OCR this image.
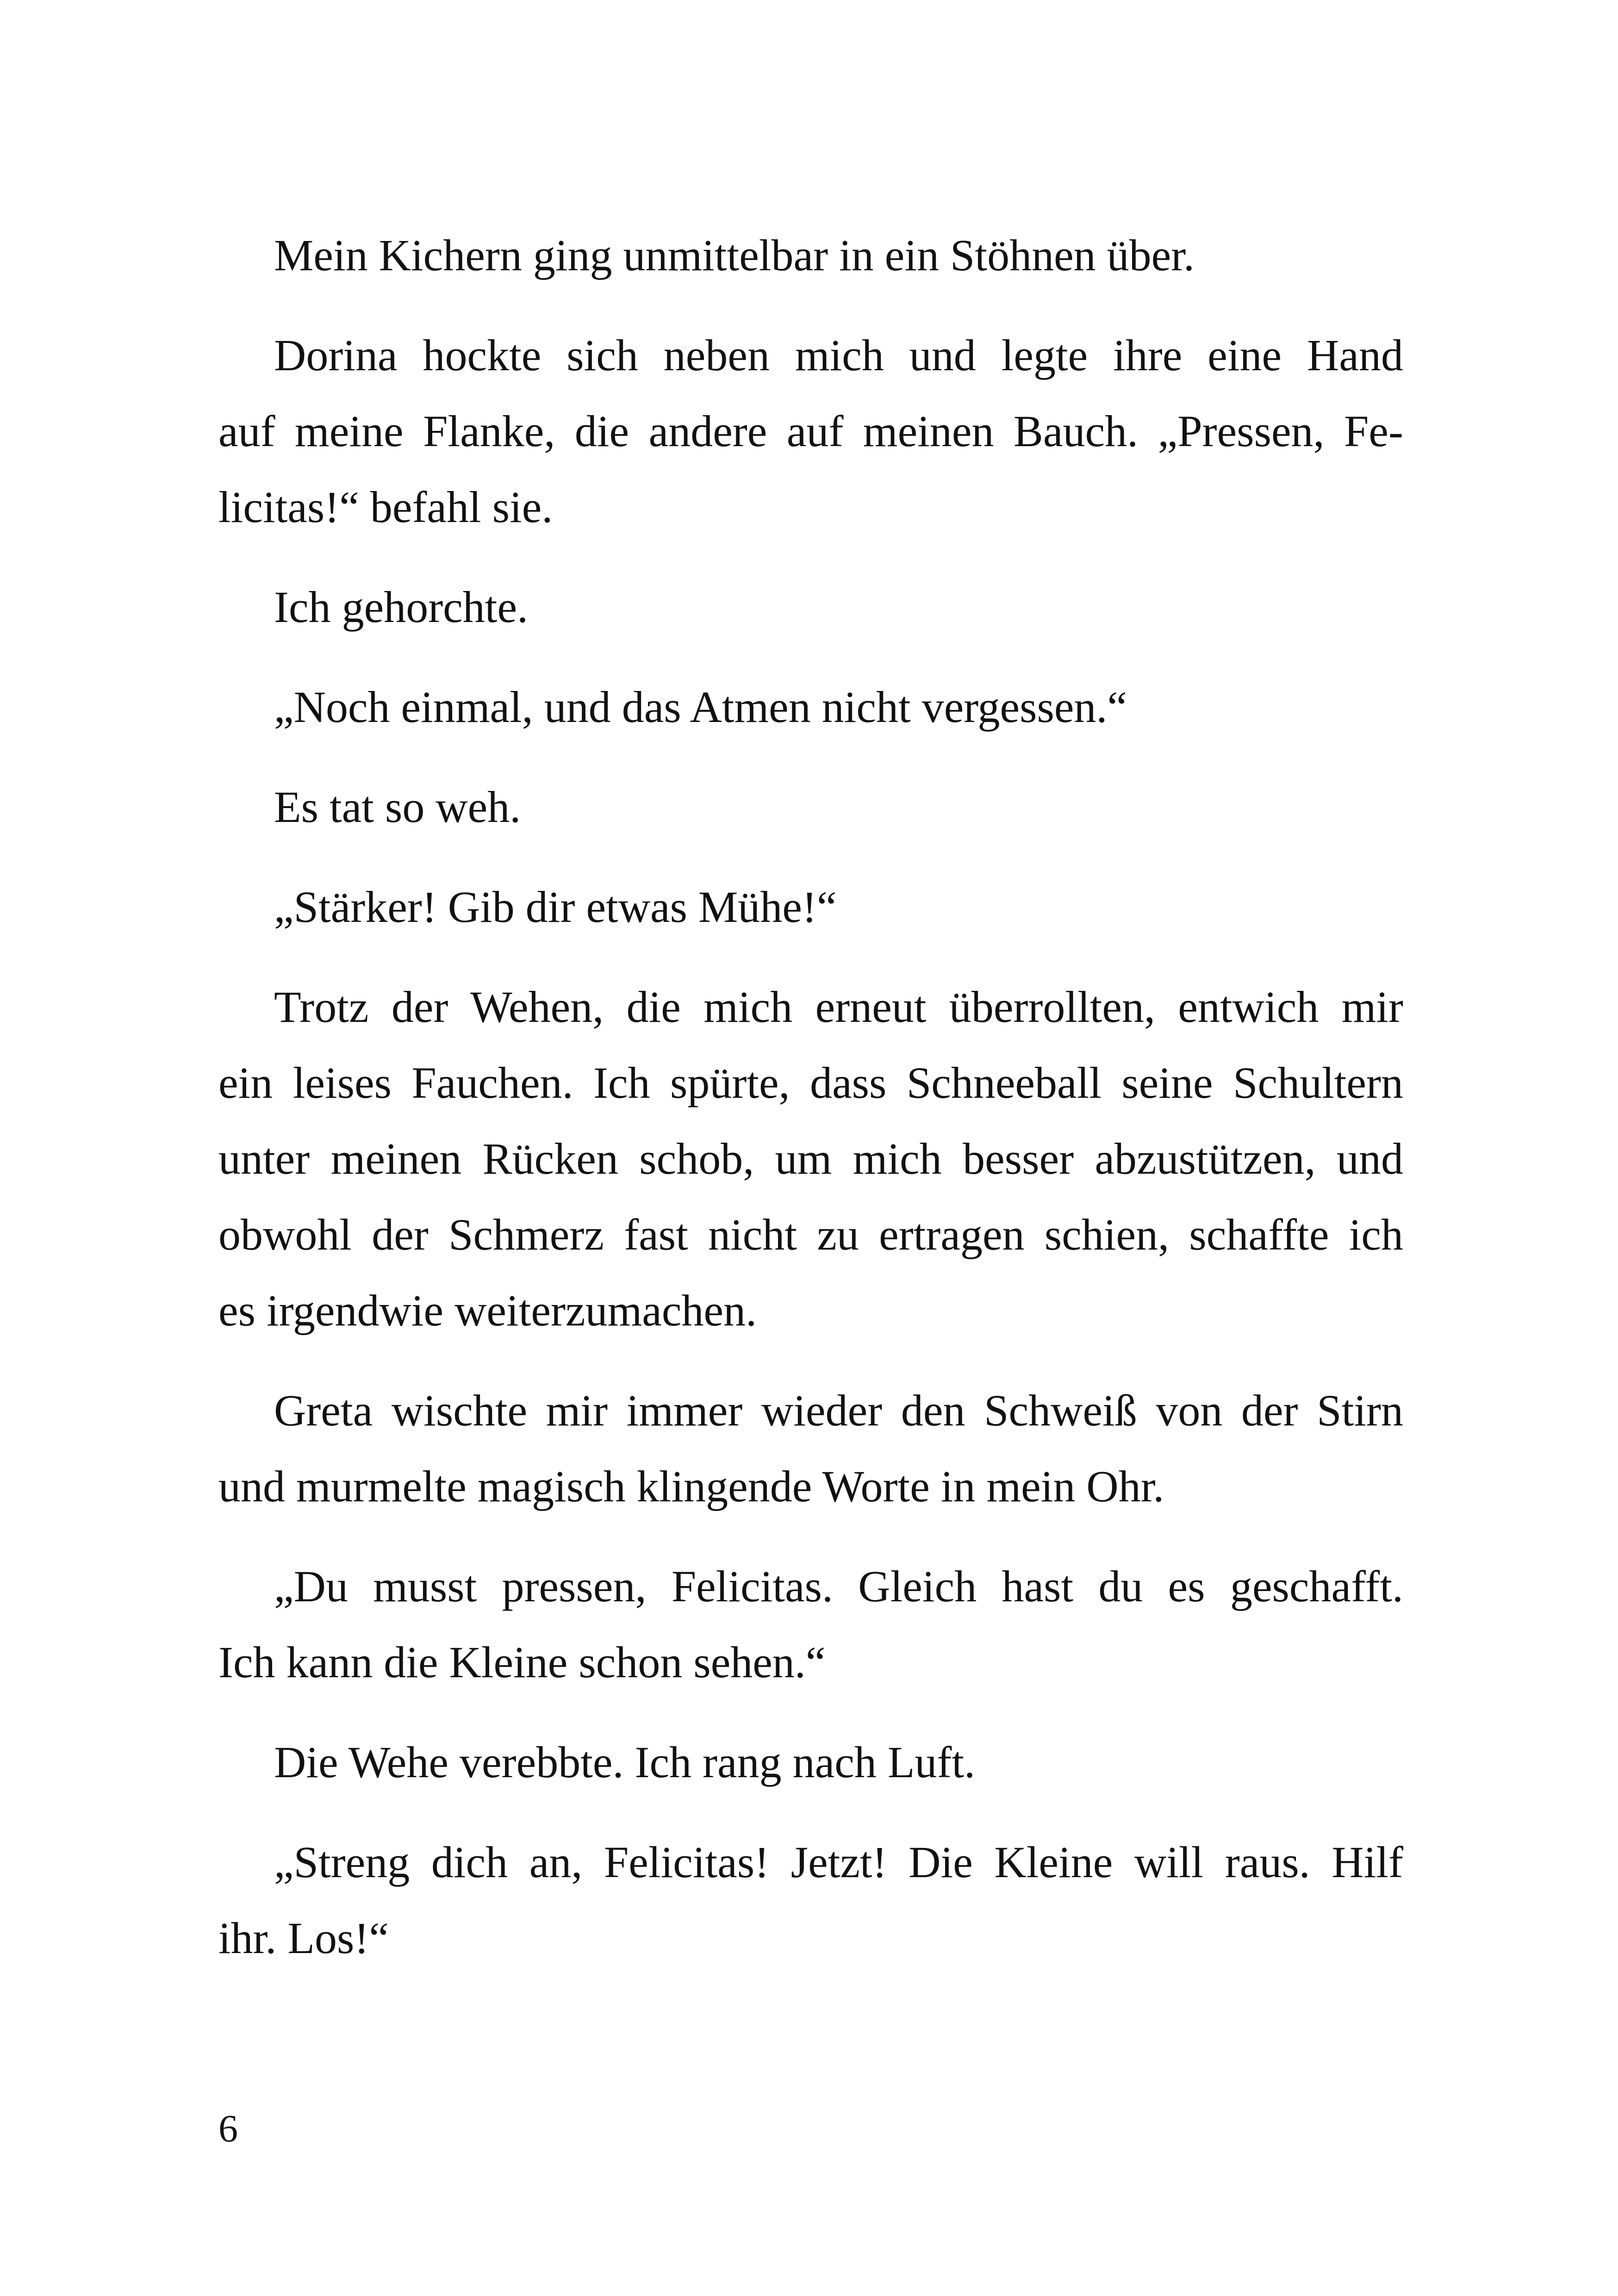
Mein Kichern ging unmittelbar in ein Stöhnen über.

Dorina hockte sich neben mich und legte ihre eine Hand
auf meine Flanke, die andere auf meinen Bauch. „Pressen, Fe-
licitas!“ befahl sie.

Ich gehorchte.

„Noch einmal, und das Atmen nicht vergessen.“

Es tat so weh.

„Stärker! Gib dir etwas Mühe!“

Trotz der Wehen, die mich erneut überrollten, entwich mir
ein leises Fauchen. Ich spürte, dass Schneeball seine Schultern
unter meinen Rücken schob, um mich besser abzustützen, und
obwohl der Schmerz fast nicht zu ertragen schien, schaffte ich
es irgendwie weiterzumachen.

Greta wischte mir immer wieder den Schweiß von der Stirn
und murmelte magisch klingende Worte in mein Ohr.

„Du musst pressen, Felicitas. Gleich hast du es geschafft.
Ich kann die Kleine schon sehen.“

Die Wehe verebbte. Ich rang nach Luft.

„Streng dich an, Felicitas! Jetzt! Die Kleine will raus. Hilf
ihr. Los!“

6
